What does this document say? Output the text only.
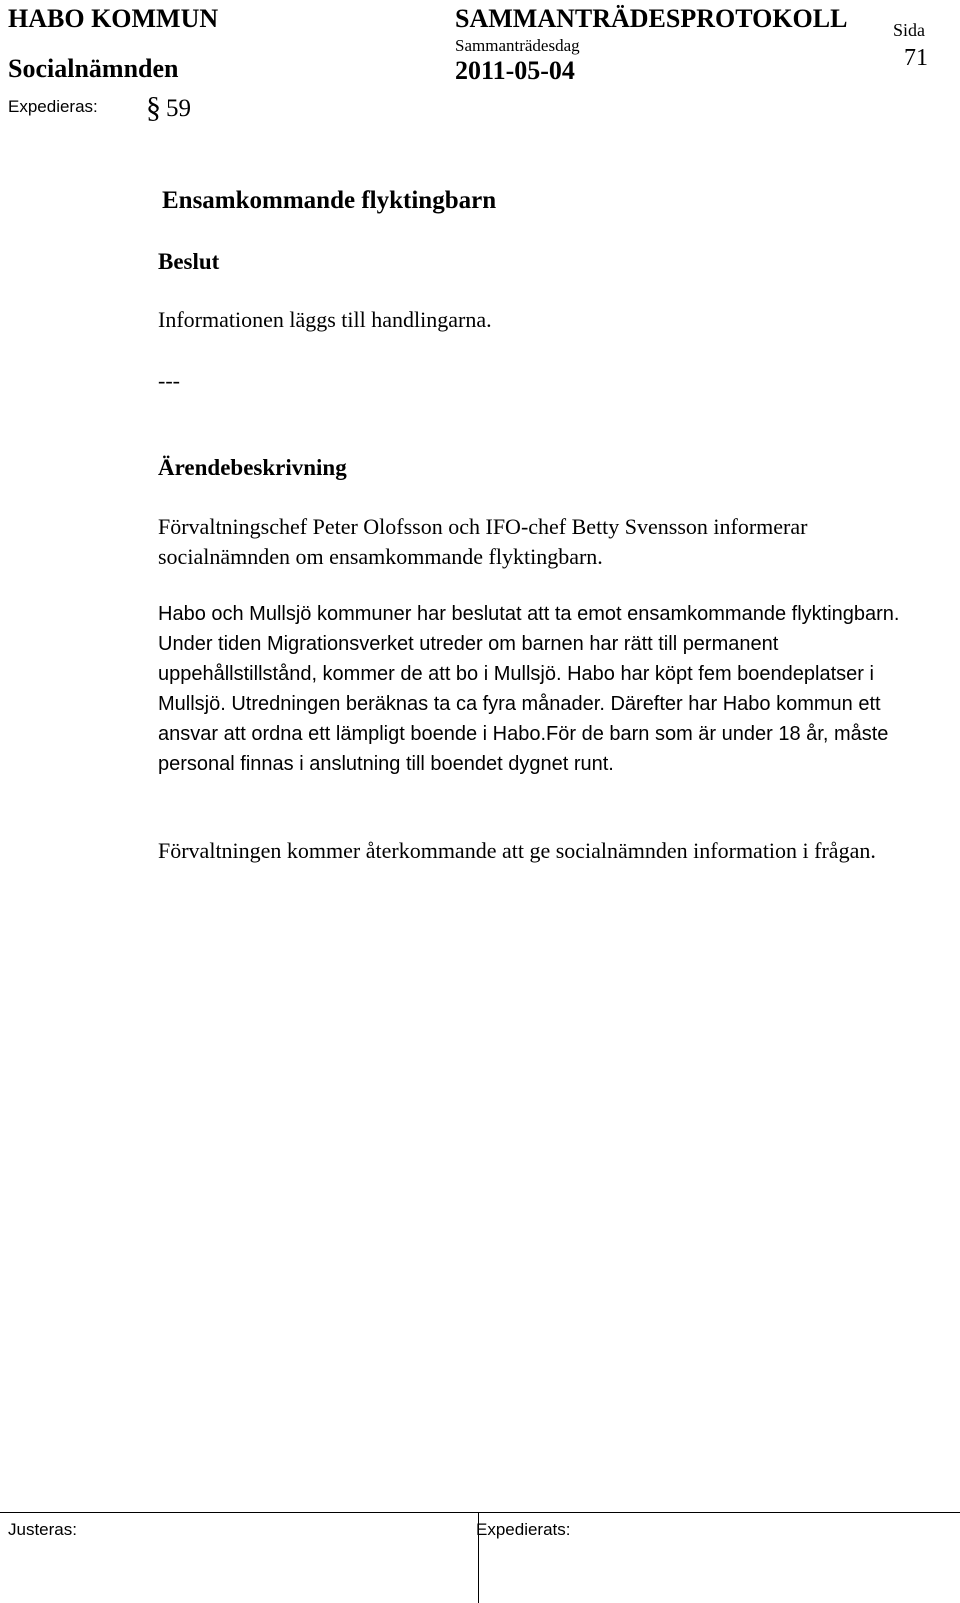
HABO KOMMUN
Socialnämnden
Expedieras: § 59
SAMMANTRÄDESPROTOKOLL
Sammanträdesdag
2011-05-04
Sida
71
Ensamkommande flyktingbarn
Beslut
Informationen läggs till handlingarna.
---
Ärendebeskrivning

Förvaltningschef Peter Olofsson och IFO-chef Betty Svensson informerar socialnämnden om ensamkommande flyktingbarn.

Habo och Mullsjö kommuner har beslutat att ta emot ensamkommande flyktingbarn. Under tiden Migrationsverket utreder om barnen har rätt till permanent uppehållstillstånd, kommer de att bo i Mullsjö. Habo har köpt fem boendeplatser i Mullsjö. Utredningen beräknas ta ca fyra månader. Därefter har Habo kommun ett ansvar att ordna ett lämpligt boende i Habo.För de barn som är under 18 år, måste personal finnas i anslutning till boendet dygnet runt.

Förvaltningen kommer återkommande att ge socialnämnden information i frågan.

Justeras:	Expedierats:
